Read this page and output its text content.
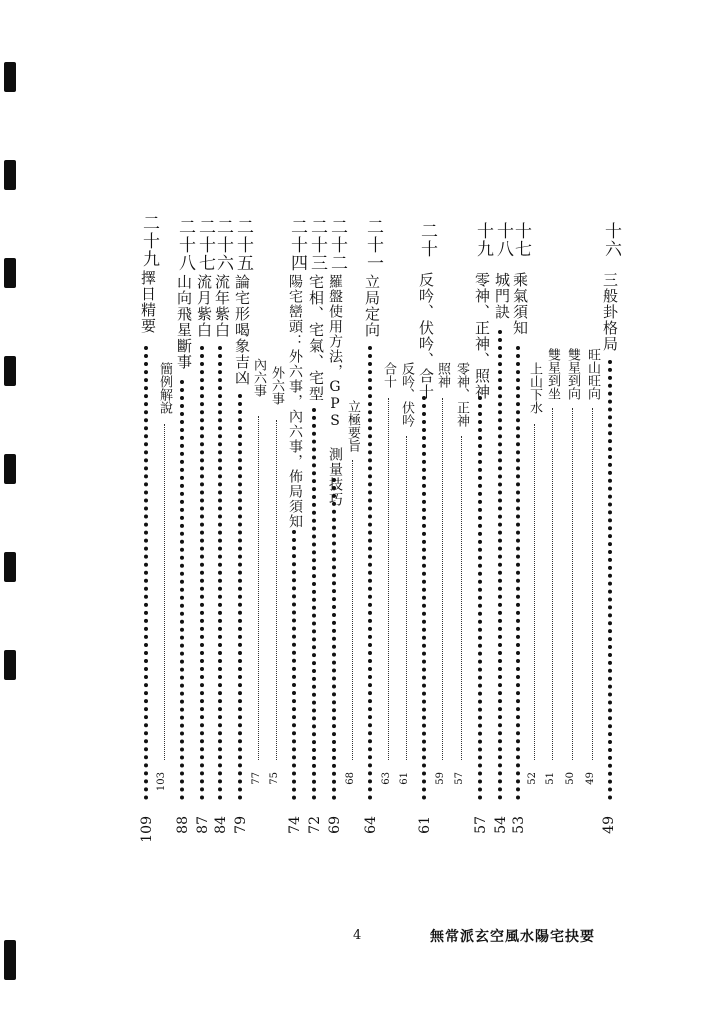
十六
三般卦格局
49
旺山旺向
49
雙星到向
50
雙星到坐
51
上山下水
52
十七
乘氣須知
53
十八
城門訣
54
十九
零神、正神、照神
57
零神、正神
57
照神
59
二十
反吟、伏吟、合十
61
反吟、伏吟
61
合十
63
二十一
立局定向
64
立極要旨
68
二十二
羅盤使用方法，GPS 測量技巧
69
二十三
宅相、宅氣、宅型
72
二十四
陽宅巒頭：外六事，內六事，佈局須知
74
外六事
75
內六事
77
二十五
論宅形喝象吉凶
79
二十六
流年紫白
84
二十七
流月紫白
87
二十八
山向飛星斷事
88
二十九
擇日精要
109
簡例解說
103
4	無常派玄空風水陽宅抉要
